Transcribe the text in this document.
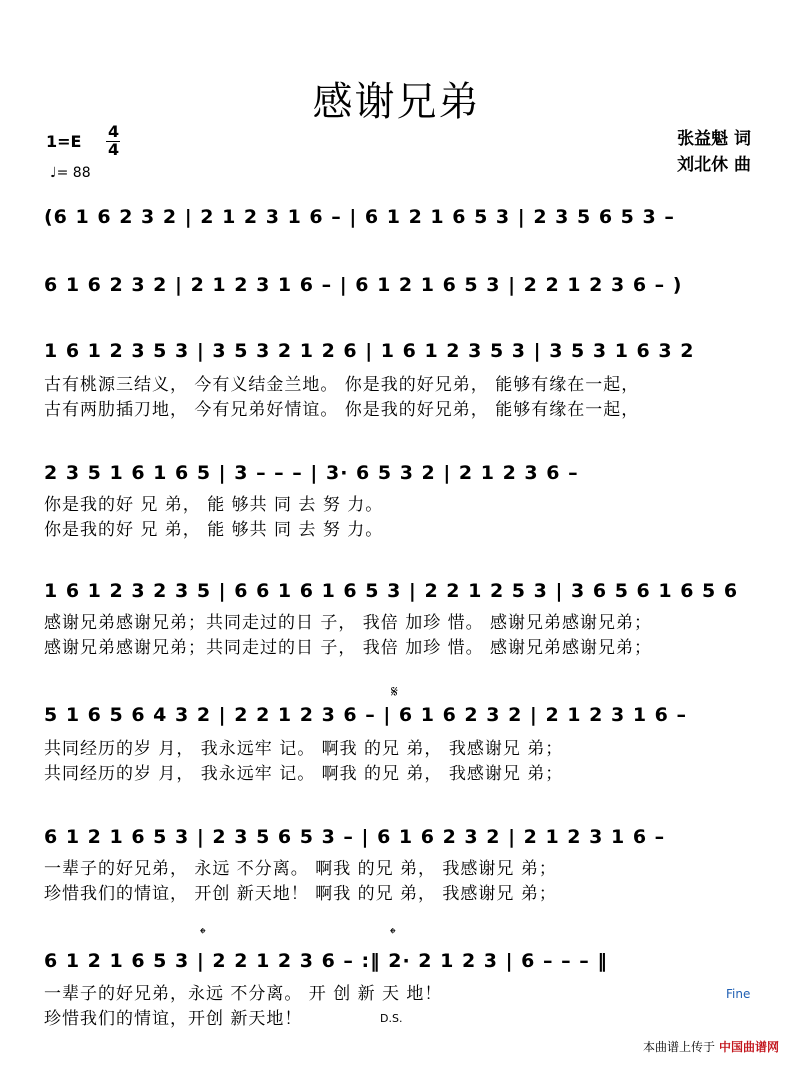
感谢兄弟
1=E
4
4
♩= 88
张益魁 词
刘北休 曲
(6 1 6 2 3 2 | 2 1 2 3 1 6 – | 6 1 2 1 6 5 3 | 2 3 5 6 5 3 –
6 1 6 2 3 2 | 2 1 2 3 1 6 – | 6 1 2 1 6 5 3 | 2 2 1 2 3 6 – )
1 6 1 2 3 5 3 | 3 5 3 2 1 2 6 | 1 6 1 2 3 5 3 | 3 5 3 1 6 3 2
古有桃源三结义， 今有义结金兰地。 你是我的好兄弟， 能够有缘在一起，
古有两肋插刀地， 今有兄弟好情谊。 你是我的好兄弟， 能够有缘在一起，
2 3 5 1 6 1 6 5 | 3 – – – | 3· 6 5 3 2 | 2 1 2 3 6 –
你是我的好 兄 弟， 能 够共 同 去 努 力。
你是我的好 兄 弟， 能 够共 同 去 努 力。
1 6 1 2 3 2 3 5 | 6 6 1 6 1 6 5 3 | 2 2 1 2 5 3 | 3 6 5 6 1 6 5 6
感谢兄弟感谢兄弟；共同走过的日 子， 我倍 加珍 惜。 感谢兄弟感谢兄弟；
感谢兄弟感谢兄弟；共同走过的日 子， 我倍 加珍 惜。 感谢兄弟感谢兄弟；
𝄋
5 1 6 5 6 4 3 2 | 2 2 1 2 3 6 – | 6 1 6 2 3 2 | 2 1 2 3 1 6 –
共同经历的岁 月， 我永远牢 记。 啊我 的兄 弟， 我感谢兄 弟；
共同经历的岁 月， 我永远牢 记。 啊我 的兄 弟， 我感谢兄 弟；
6 1 2 1 6 5 3 | 2 3 5 6 5 3 – | 6 1 6 2 3 2 | 2 1 2 3 1 6 –
一辈子的好兄弟， 永远 不分离。 啊我 的兄 弟， 我感谢兄 弟；
珍惜我们的情谊， 开创 新天地！ 啊我 的兄 弟， 我感谢兄 弟；
𝄌	𝄌
6 1 2 1 6 5 3 | 2 2 1 2 3 6 – :‖ 2· 2 1 2 3 | 6 – – – ‖
一辈子的好兄弟，永远 不分离。 开 创 新 天 地！
珍惜我们的情谊，开创 新天地！	D.S.
Fine
本曲谱上传于 中国曲谱网
